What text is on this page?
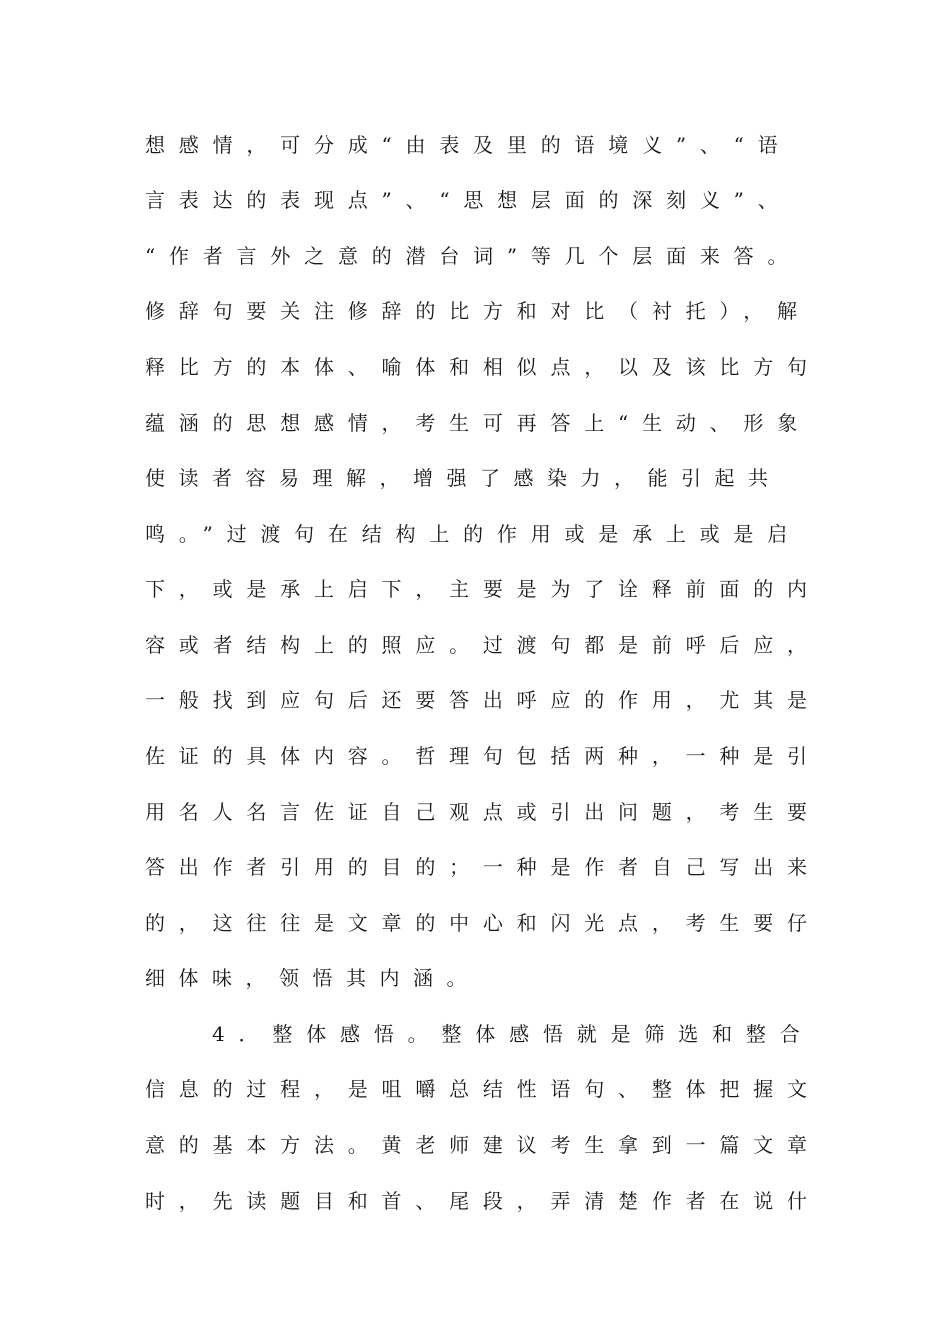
想感情，可分成“由表及里的语境义”、“语
言表达的表现点”、“思想层面的深刻义”、
“作者言外之意的潜台词”等几个层面来答。
修辞句要关注修辞的比方和对比（衬托），解
释比方的本体、喻体和相似点，以及该比方句
蕴涵的思想感情，考生可再答上“生动、形象
使读者容易理解，增强了感染力，能引起共
鸣。”过渡句在结构上的作用或是承上或是启
下，或是承上启下，主要是为了诠释前面的内
容或者结构上的照应。过渡句都是前呼后应，
一般找到应句后还要答出呼应的作用，尤其是
佐证的具体内容。哲理句包括两种，一种是引
用名人名言佐证自己观点或引出问题，考生要
答出作者引用的目的；一种是作者自己写出来
的，这往往是文章的中心和闪光点，考生要仔
细体味，领悟其内涵。
4．整体感悟。整体感悟就是筛选和整合
信息的过程，是咀嚼总结性语句、整体把握文
意的基本方法。黄老师建议考生拿到一篇文章
时，先读题目和首、尾段，弄清楚作者在说什
